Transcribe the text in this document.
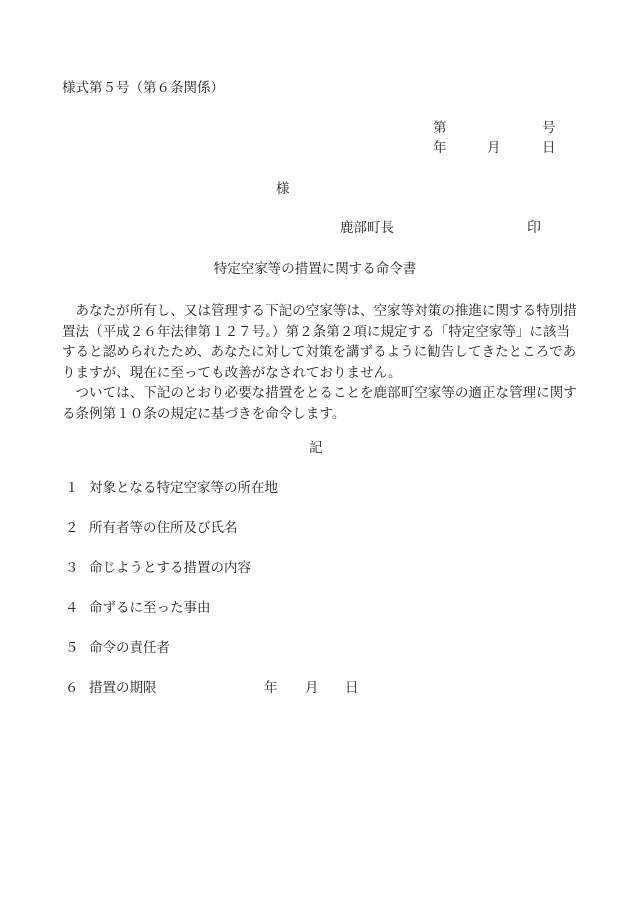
様式第５号（第６条関係）
第	号
年	月	日
様
鹿部町長	印
特定空家等の措置に関する命令書

あなたが所有し、又は管理する下記の空家等は、空家等対策の推進に関する特別措置法（平成２６年法律第１２７号。）第２条第２項に規定する「特定空家等」に該当すると認められたため、あなたに対して対策を講ずるように勧告してきたところでありますが、現在に至っても改善がなされておりません。

ついては、下記のとおり必要な措置をとることを鹿部町空家等の適正な管理に関する条例第１０条の規定に基づきを命令します。

記
１ 対象となる特定空家等の所在地
２ 所有者等の住所及び氏名
３ 命じようとする措置の内容
４ 命ずるに至った事由
５ 命令の責任者
６ 措置の期限	年 月 日
